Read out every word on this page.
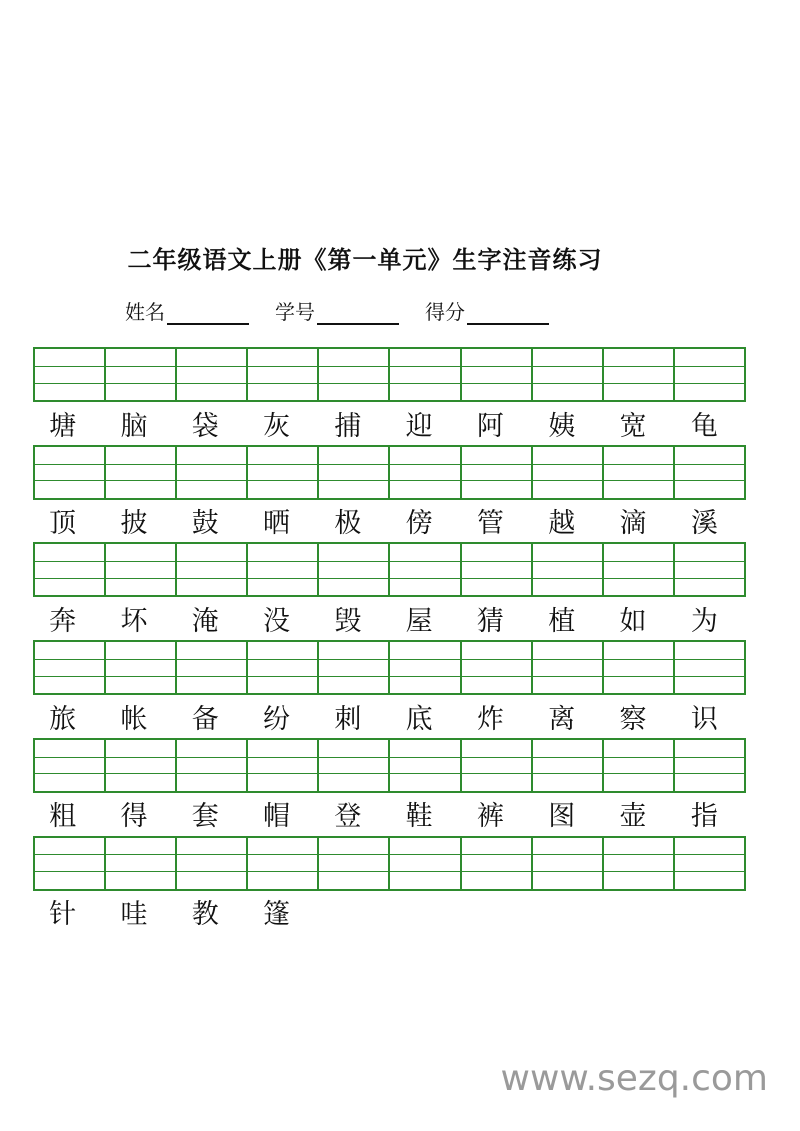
二年级语文上册《第一单元》生字注音练习
姓名	学号	得分
塘	脑	袋	灰	捕	迎	阿	姨	宽	龟
顶	披	鼓	晒	极	傍	管	越	滴	溪
奔	坏	淹	没	毁	屋	猜	植	如	为
旅	帐	备	纷	刺	底	炸	离	察	识
粗	得	套	帽	登	鞋	裤	图	壶	指
针	哇	教	篷
www.sezq.com
